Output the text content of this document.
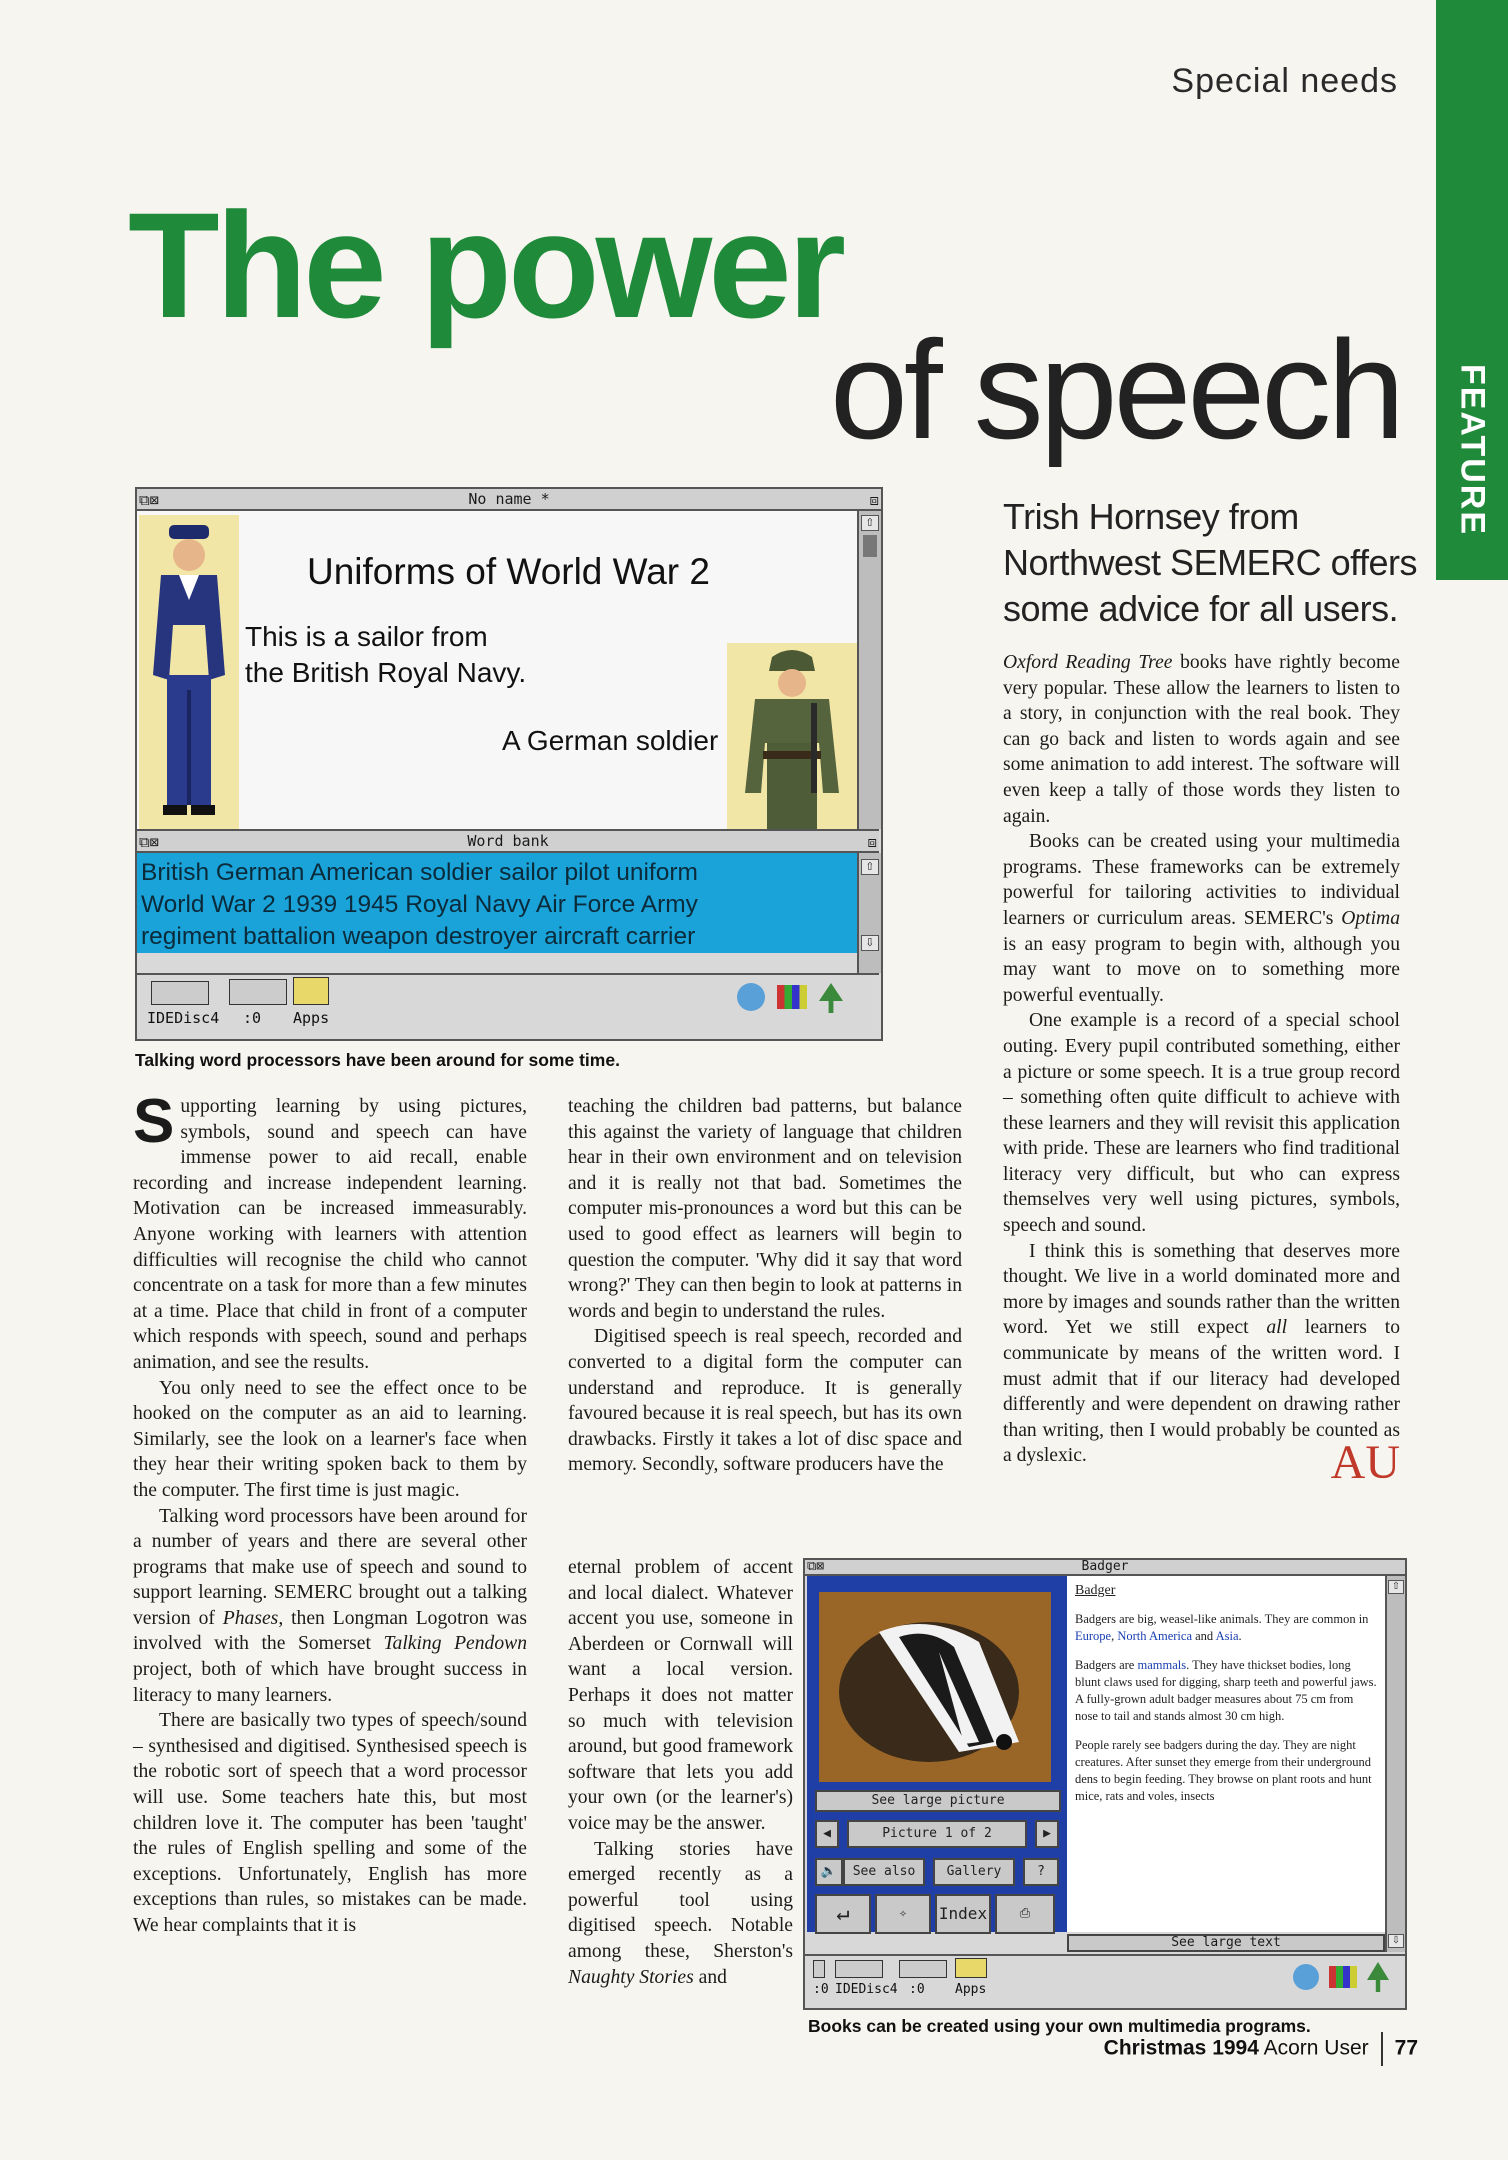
Special needs
FEATURE
The power
of speech
Trish Hornsey from Northwest SEMERC offers some advice for all users.
⧉⊠	No name *	⧈
Uniforms of World War 2
This is a sailor from
the British Royal Navy.
A German soldier
⇧
⧉⊠	Word bank	⧈
British German American soldier sailor pilot uniform
World War 2 1939 1945 Royal Navy Air Force Army
regiment battalion weapon destroyer aircraft carrier
⇧
⇩
IDEDisc4 :0 Apps
Talking word processors have been around for some time.

Supporting learning by using pictures, symbols, sound and speech can have immense power to aid recall, enable recording and increase independent learning. Motivation can be increased immeasurably. Anyone working with learners with attention difficulties will recognise the child who cannot concentrate on a task for more than a few minutes at a time. Place that child in front of a computer which responds with speech, sound and perhaps animation, and see the results.

You only need to see the effect once to be hooked on the computer as an aid to learning. Similarly, see the look on a learner's face when they hear their writing spoken back to them by the computer. The first time is just magic.

Talking word processors have been around for a number of years and there are several other programs that make use of speech and sound to support learning. SEMERC brought out a talking version of Phases, then Longman Logotron was involved with the Somerset Talking Pendown project, both of which have brought success in literacy to many learners.

There are basically two types of speech/sound – synthesised and digitised. Synthesised speech is the robotic sort of speech that a word processor will use. Some teachers hate this, but most children love it. The computer has been 'taught' the rules of English spelling and some of the exceptions. Unfortunately, English has more exceptions than rules, so mistakes can be made. We hear complaints that it is

teaching the children bad patterns, but balance this against the variety of language that children hear in their own environment and on television and it is really not that bad. Sometimes the computer mis-pronounces a word but this can be used to good effect as learners will begin to question the computer. 'Why did it say that word wrong?' They can then begin to look at patterns in words and begin to understand the rules.

Digitised speech is real speech, recorded and converted to a digital form the computer can understand and reproduce. It is generally favoured because it is real speech, but has its own drawbacks. Firstly it takes a lot of disc space and memory. Secondly, software producers have the

eternal problem of accent and local dialect. Whatever accent you use, someone in Aberdeen or Cornwall will want a local version. Perhaps it does not matter so much with television around, but good framework software that lets you add your own (or the learner's) voice may be the answer.

Talking stories have emerged recently as a powerful tool using digitised speech. Notable among these, Sherston's Naughty Stories and

Oxford Reading Tree books have rightly become very popular. These allow the learners to listen to a story, in conjunction with the real book. They can go back and listen to words again and see some animation to add interest. The software will even keep a tally of those words they listen to again.

Books can be created using your multimedia programs. These frameworks can be extremely powerful for tailoring activities to individual learners or curriculum areas. SEMERC's Optima is an easy program to begin with, although you may want to move on to something more powerful eventually.

One example is a record of a special school outing. Every pupil contributed something, either a picture or some speech. It is a true group record – something often quite difficult to achieve with these learners and they will revisit this application with pride. These are learners who find traditional literacy very difficult, but who can express themselves very well using pictures, symbols, speech and sound.

I think this is something that deserves more thought. We live in a world dominated more and more by images and sounds rather than the written word. Yet we still expect all learners to communicate by means of the written word. I must admit that if our literacy had developed differently and were dependent on drawing rather than writing, then I would probably be counted as a dyslexic.	AU

⧉⊠	Badger
See large picture
◀	Picture 1 of 2	▶
🔈	See also	Gallery	?
↵	✧	Index	⎙
Badger

Badgers are big, weasel-like animals. They are common in Europe, North America and Asia.

Badgers are mammals. They have thickset bodies, long blunt claws used for digging, sharp teeth and powerful jaws. A fully-grown adult badger measures about 75 cm from nose to tail and stands almost 30 cm high.

People rarely see badgers during the day. They are night creatures. After sunset they emerge from their underground dens to begin feeding. They browse on plant roots and hunt mice, rats and voles, insects

⇧
⇩
See large text
:0 IDEDisc4 :0 Apps
Books can be created using your own multimedia programs.
Christmas 1994 Acorn User 77
